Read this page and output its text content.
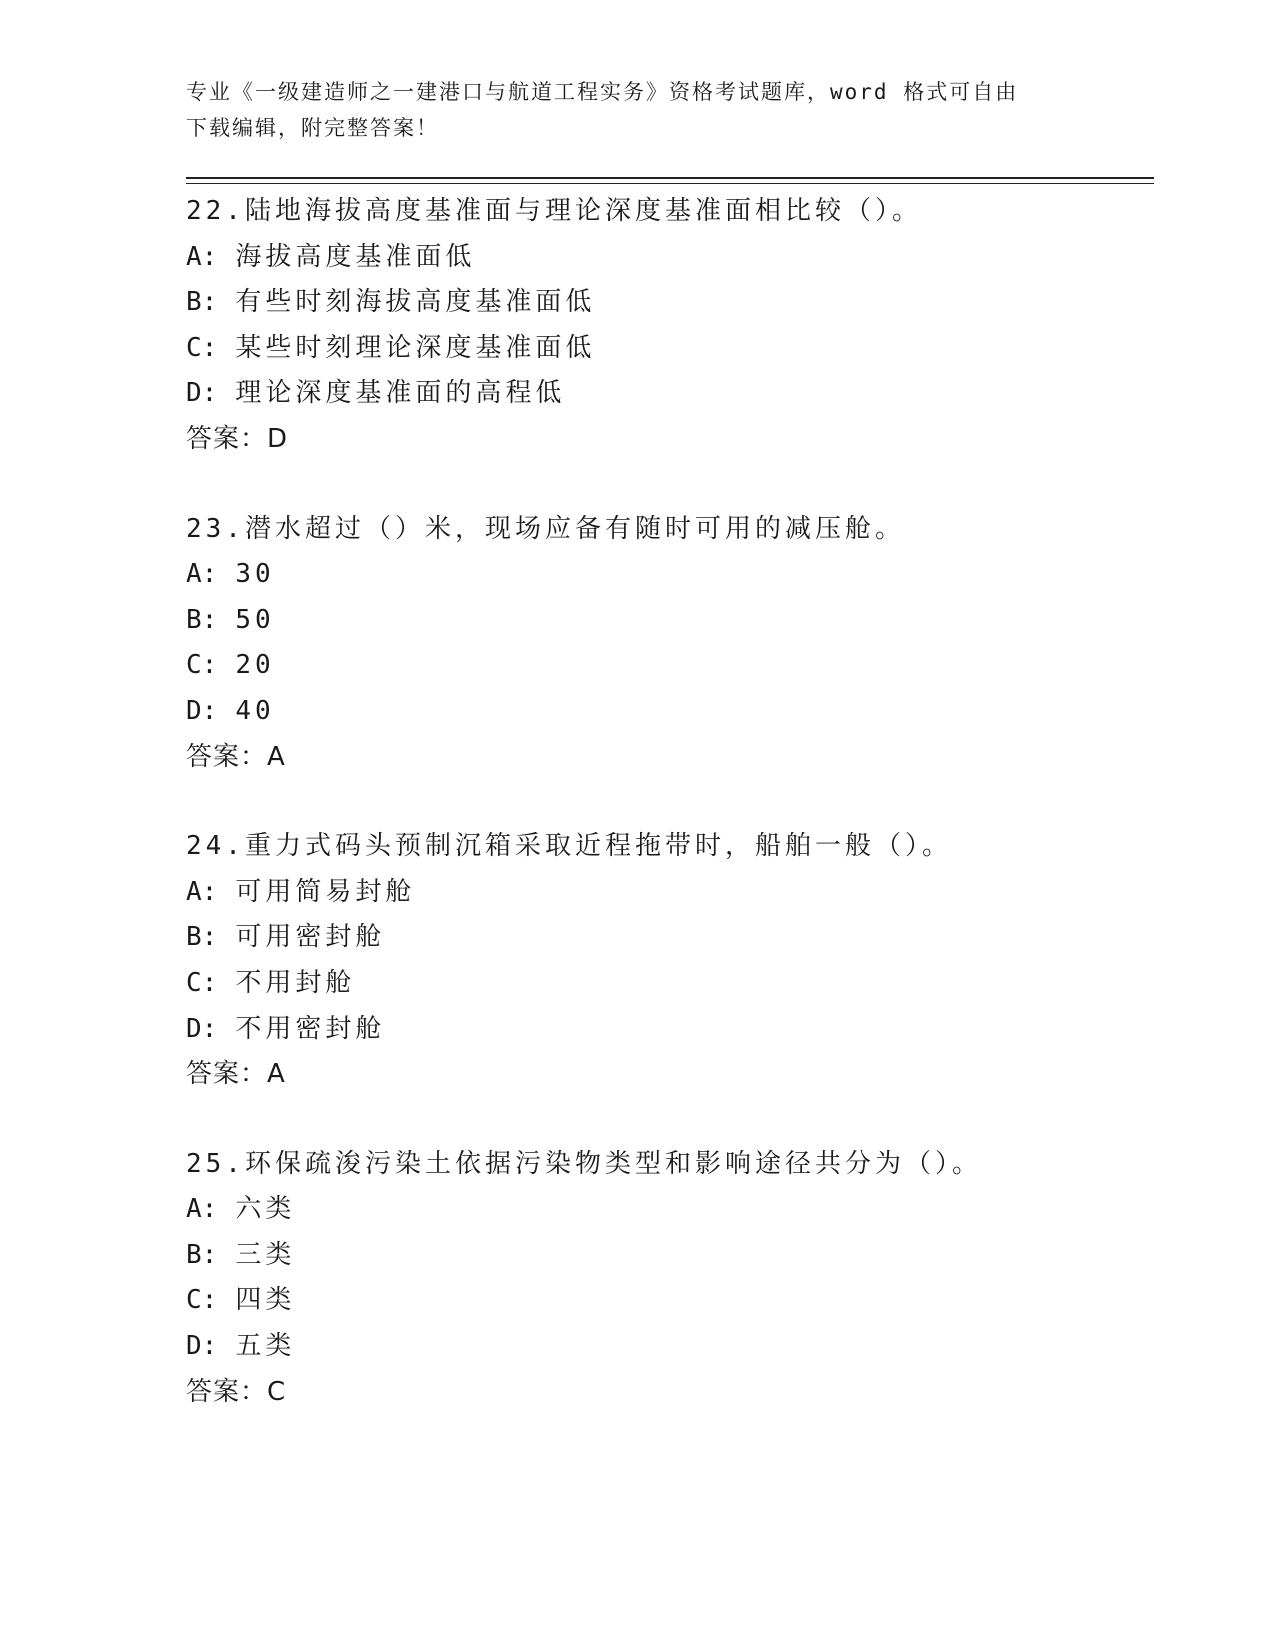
专业《一级建造师之一建港口与航道工程实务》资格考试题库，word 格式可自由
下载编辑，附完整答案！
22.陆地海拔高度基准面与理论深度基准面相比较（）。
A: 海拔高度基准面低
B: 有些时刻海拔高度基准面低
C: 某些时刻理论深度基准面低
D: 理论深度基准面的高程低
答案：D
23.潜水超过（）米，现场应备有随时可用的减压舱。
A: 30
B: 50
C: 20
D: 40
答案：A
24.重力式码头预制沉箱采取近程拖带时，船舶一般（）。
A: 可用简易封舱
B: 可用密封舱
C: 不用封舱
D: 不用密封舱
答案：A
25.环保疏浚污染土依据污染物类型和影响途径共分为（）。
A: 六类
B: 三类
C: 四类
D: 五类
答案：C
